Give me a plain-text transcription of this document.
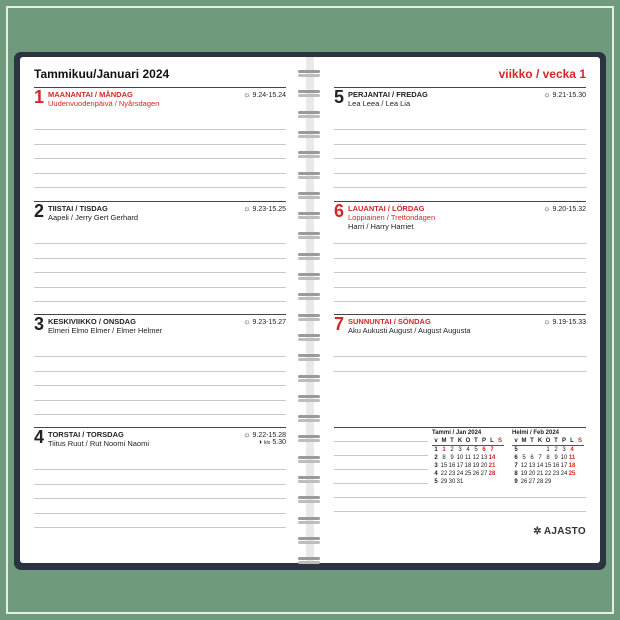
Tammikuu/Januari 2024	viikko / vecka 1
1 MAANANTAI / MÅNDAG
Uudenvuodenpäivä / Nyårsdagen
☼ 9.24-15.24
2 TIISTAI / TISDAG
Aapeli / Jerry Gert Gerhard
☼ 9.23-15.25
3 KESKIVIIKKO / ONSDAG
Elmeri Elmo Elmer / Elmer Helmer
☼ 9.23-15.27
4 TORSTAI / TORSDAG
Tiitus Ruut / Rut Noomi Naomi
☼ 9.22-15.28
◑ klo 5.30
5 PERJANTAI / FREDAG
Lea Leea / Lea Lia
☼ 9.21-15.30
6 LAUANTAI / LÖRDAG
Loppiainen / Trettondagen
Harri / Harry Harriet
☼ 9.20-15.32
7 SUNNUNTAI / SÖNDAG
Aku Aukusti August / August Augusta
☼ 9.19-15.33
Tammi / Jan 2024
v	M	T	K	O	T	P	L	S
1	1	2	3	4	5	6	7	
2	8	9	10	11	12	13	14	
3	15	16	17	18	19	20	21	
4	22	23	24	25	26	27	28	
5	29	30	31					
Helmi / Feb 2024
v	M	T	K	O	T	P	L	S
5				1	2	3	4	
6	5	6	7	8	9	10	11	
7	12	13	14	15	16	17	18	
8	19	20	21	22	23	24	25	
9	26	27	28	29				
✲ AJASTO
